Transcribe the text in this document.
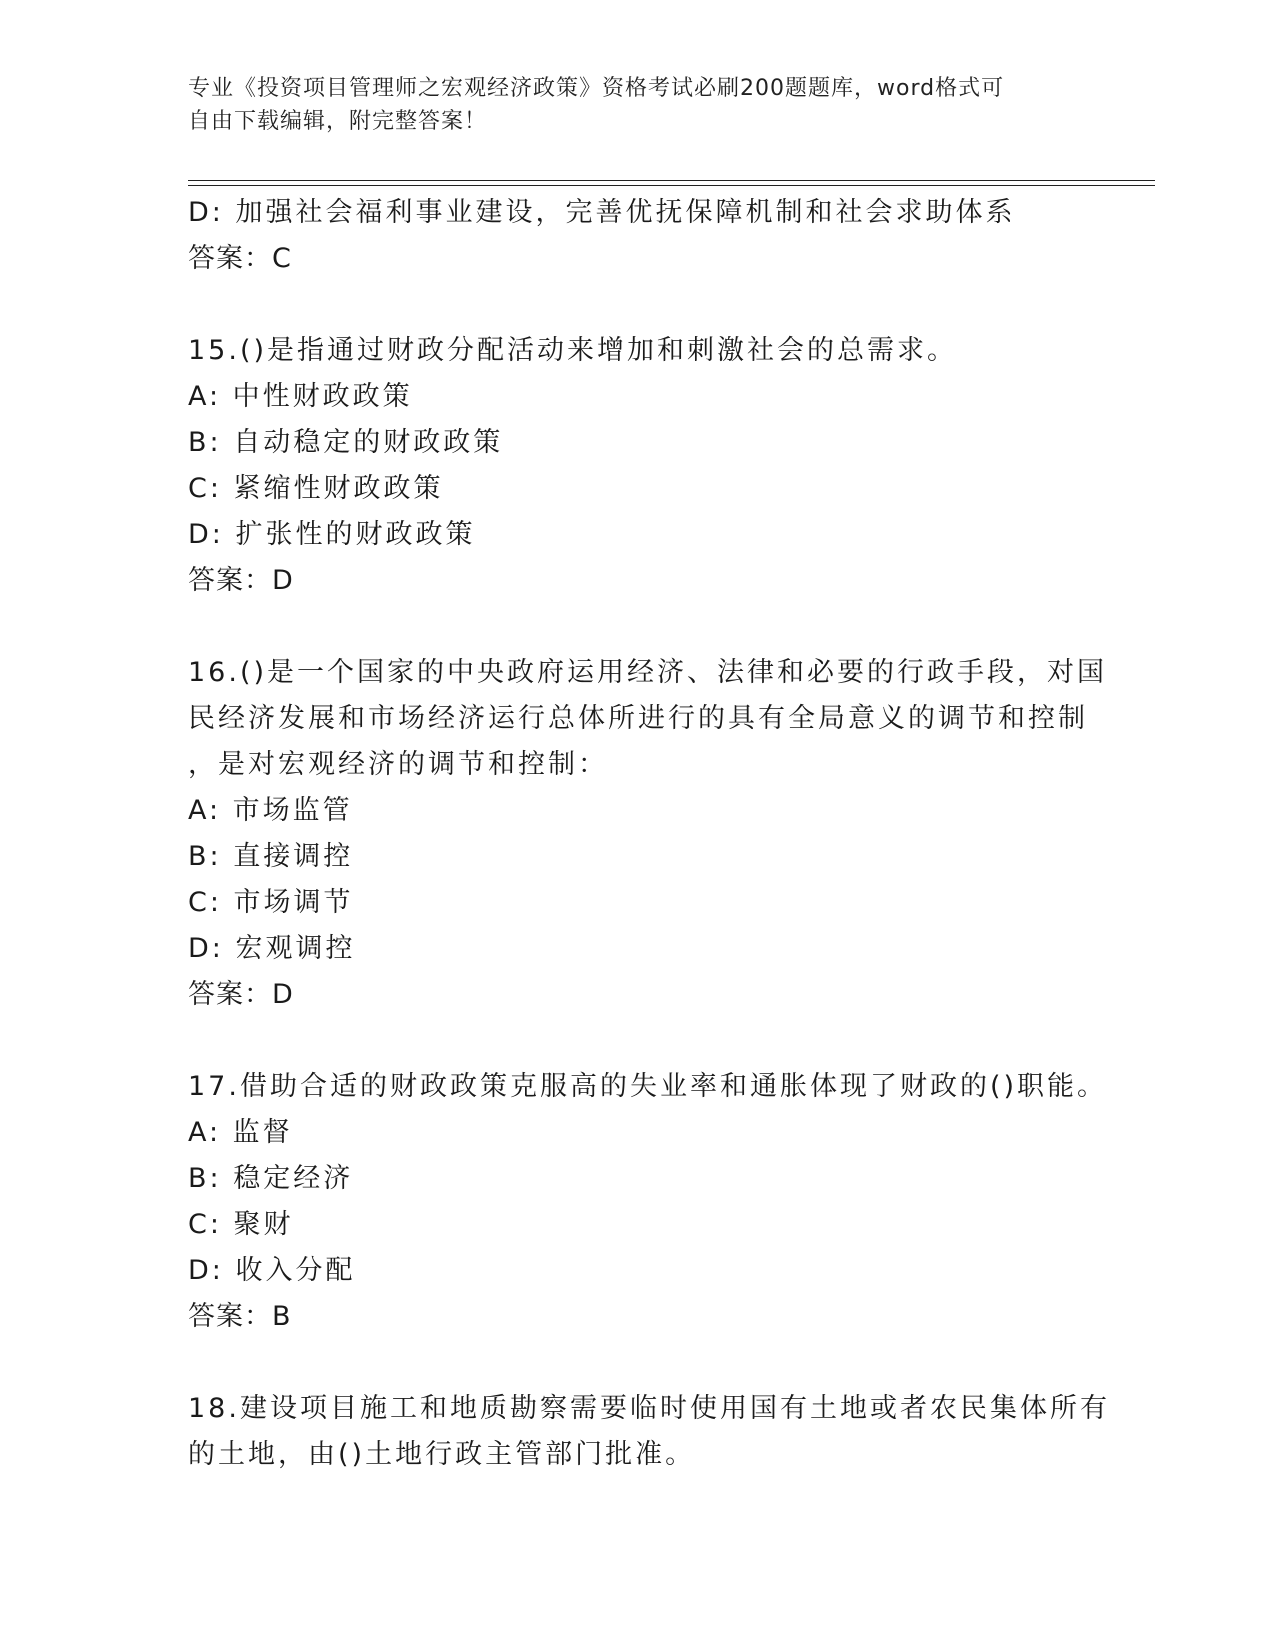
专业《投资项目管理师之宏观经济政策》资格考试必刷200题题库，word格式可
自由下载编辑，附完整答案！
D: 加强社会福利事业建设，完善优抚保障机制和社会求助体系
答案：C
15.()是指通过财政分配活动来增加和刺激社会的总需求。
A: 中性财政政策
B: 自动稳定的财政政策
C: 紧缩性财政政策
D: 扩张性的财政政策
答案：D
16.()是一个国家的中央政府运用经济、法律和必要的行政手段，对国
民经济发展和市场经济运行总体所进行的具有全局意义的调节和控制
，是对宏观经济的调节和控制：
A: 市场监管
B: 直接调控
C: 市场调节
D: 宏观调控
答案：D
17.借助合适的财政政策克服高的失业率和通胀体现了财政的()职能。
A: 监督
B: 稳定经济
C: 聚财
D: 收入分配
答案：B
18.建设项目施工和地质勘察需要临时使用国有土地或者农民集体所有
的土地，由()土地行政主管部门批准。
